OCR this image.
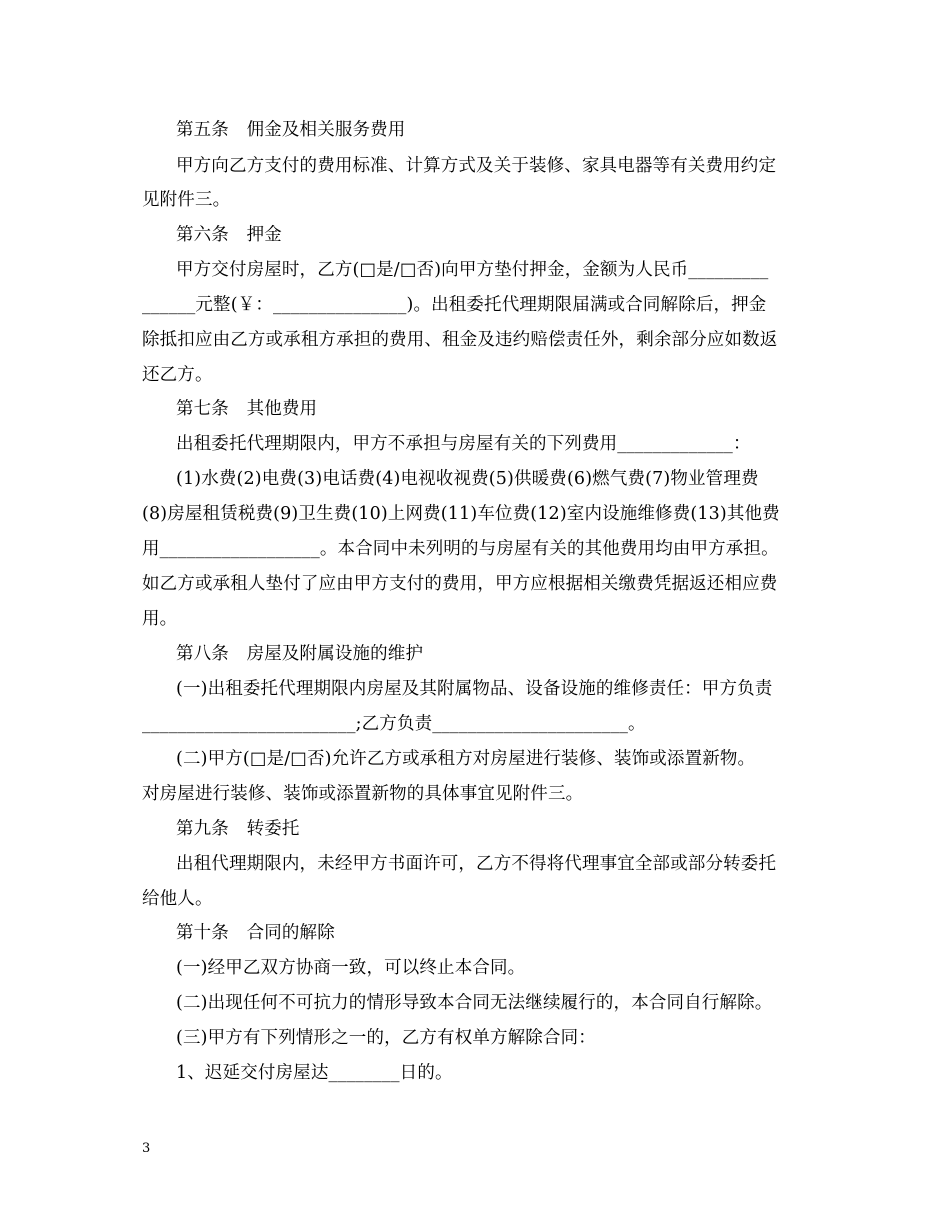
第五条　佣金及相关服务费用
甲方向乙方支付的费用标准、计算方式及关于装修、家具电器等有关费用约定
见附件三。
第六条　押金
甲方交付房屋时，乙方(□是/□否)向甲方垫付押金，金额为人民币_________
______元整(￥：_______________)。出租委托代理期限届满或合同解除后，押金
除抵扣应由乙方或承租方承担的费用、租金及违约赔偿责任外，剩余部分应如数返
还乙方。
第七条　其他费用
出租委托代理期限内，甲方不承担与房屋有关的下列费用_____________：
(1)水费(2)电费(3)电话费(4)电视收视费(5)供暖费(6)燃气费(7)物业管理费
(8)房屋租赁税费(9)卫生费(10)上网费(11)车位费(12)室内设施维修费(13)其他费
用__________________。本合同中未列明的与房屋有关的其他费用均由甲方承担。
如乙方或承租人垫付了应由甲方支付的费用，甲方应根据相关缴费凭据返还相应费
用。
第八条　房屋及附属设施的维护
(一)出租委托代理期限内房屋及其附属物品、设备设施的维修责任：甲方负责
________________________;乙方负责______________________。
(二)甲方(□是/□否)允许乙方或承租方对房屋进行装修、装饰或添置新物。
对房屋进行装修、装饰或添置新物的具体事宜见附件三。
第九条　转委托
出租代理期限内，未经甲方书面许可，乙方不得将代理事宜全部或部分转委托
给他人。
第十条　合同的解除
(一)经甲乙双方协商一致，可以终止本合同。
(二)出现任何不可抗力的情形导致本合同无法继续履行的，本合同自行解除。
(三)甲方有下列情形之一的，乙方有权单方解除合同：
1、迟延交付房屋达________日的。
3
